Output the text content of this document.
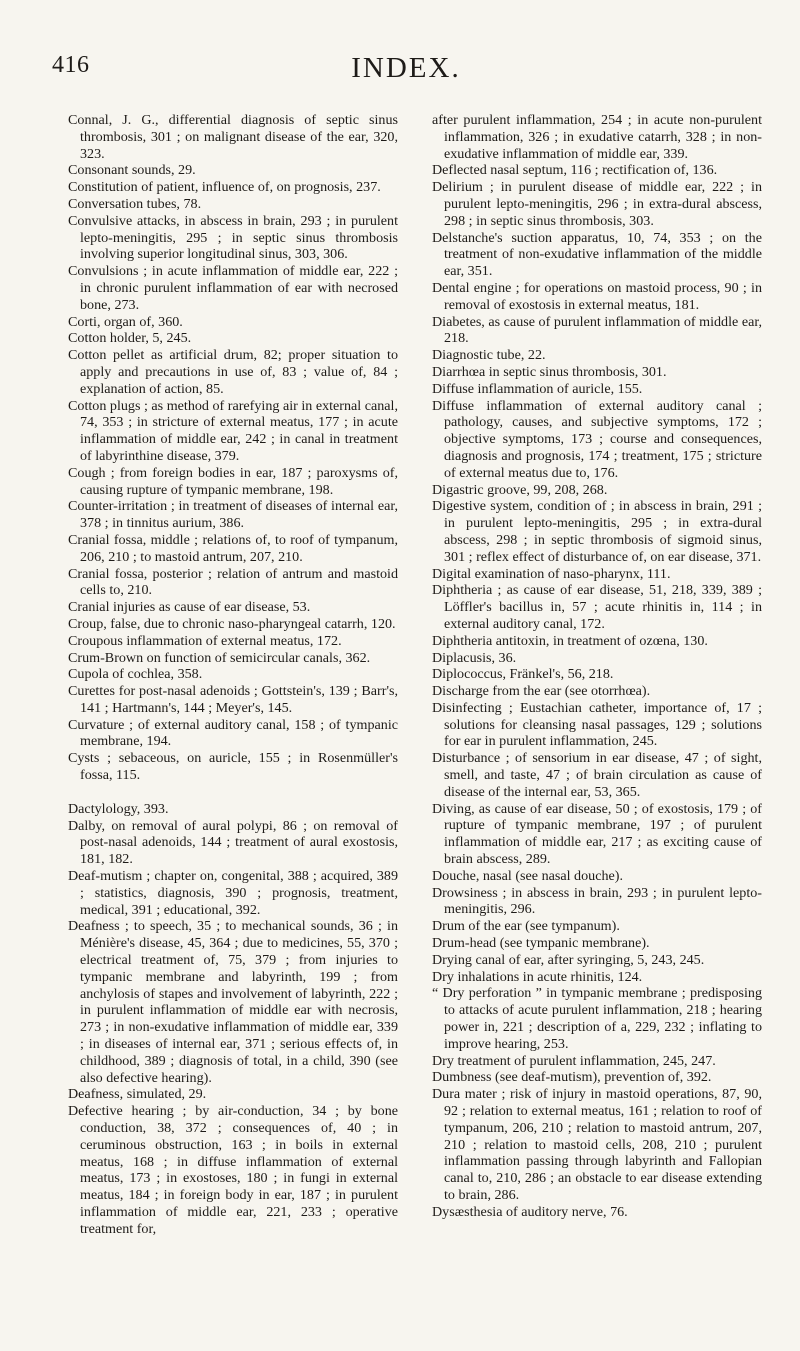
416	INDEX.

Connal, J. G., differential diagnosis of septic sinus thrombosis, 301 ; on malignant disease of the ear, 320, 323.

Consonant sounds, 29.

Constitution of patient, influence of, on prognosis, 237.

Conversation tubes, 78.

Convulsive attacks, in abscess in brain, 293 ; in purulent lepto-meningitis, 295 ; in septic sinus thrombosis involving superior longitudinal sinus, 303, 306.

Convulsions ; in acute inflammation of middle ear, 222 ; in chronic purulent inflammation of ear with necrosed bone, 273.

Corti, organ of, 360.

Cotton holder, 5, 245.

Cotton pellet as artificial drum, 82; proper situation to apply and precautions in use of, 83 ; value of, 84 ; explanation of action, 85.

Cotton plugs ; as method of rarefying air in external canal, 74, 353 ; in stricture of external meatus, 177 ; in acute inflammation of middle ear, 242 ; in canal in treatment of labyrinthine disease, 379.

Cough ; from foreign bodies in ear, 187 ; paroxysms of, causing rupture of tympanic membrane, 198.

Counter-irritation ; in treatment of diseases of internal ear, 378 ; in tinnitus aurium, 386.

Cranial fossa, middle ; relations of, to roof of tympanum, 206, 210 ; to mastoid antrum, 207, 210.

Cranial fossa, posterior ; relation of antrum and mastoid cells to, 210.

Cranial injuries as cause of ear disease, 53.

Croup, false, due to chronic naso-pharyngeal catarrh, 120.

Croupous inflammation of external meatus, 172.

Crum-Brown on function of semicircular canals, 362.

Cupola of cochlea, 358.

Curettes for post-nasal adenoids ; Gottstein's, 139 ; Barr's, 141 ; Hartmann's, 144 ; Meyer's, 145.

Curvature ; of external auditory canal, 158 ; of tympanic membrane, 194.

Cysts ; sebaceous, on auricle, 155 ; in Rosenmüller's fossa, 115.

Dactylology, 393.

Dalby, on removal of aural polypi, 86 ; on removal of post-nasal adenoids, 144 ; treatment of aural exostosis, 181, 182.

Deaf-mutism ; chapter on, congenital, 388 ; acquired, 389 ; statistics, diagnosis, 390 ; prognosis, treatment, medical, 391 ; educational, 392.

Deafness ; to speech, 35 ; to mechanical sounds, 36 ; in Ménière's disease, 45, 364 ; due to medicines, 55, 370 ; electrical treatment of, 75, 379 ; from injuries to tympanic membrane and labyrinth, 199 ; from anchylosis of stapes and involvement of labyrinth, 222 ; in purulent inflammation of middle ear with necrosis, 273 ; in non-exudative inflammation of middle ear, 339 ; in diseases of internal ear, 371 ; serious effects of, in childhood, 389 ; diagnosis of total, in a child, 390 (see also defective hearing).

Deafness, simulated, 29.

Defective hearing ; by air-conduction, 34 ; by bone conduction, 38, 372 ; consequences of, 40 ; in ceruminous obstruction, 163 ; in boils in external meatus, 168 ; in diffuse inflammation of external meatus, 173 ; in exostoses, 180 ; in fungi in external meatus, 184 ; in foreign body in ear, 187 ; in purulent inflammation of middle ear, 221, 233 ; operative treatment for,

after purulent inflammation, 254 ; in acute non-purulent inflammation, 326 ; in exudative catarrh, 328 ; in non-exudative inflammation of middle ear, 339.

Deflected nasal septum, 116 ; rectification of, 136.

Delirium ; in purulent disease of middle ear, 222 ; in purulent lepto-meningitis, 296 ; in extra-dural abscess, 298 ; in septic sinus thrombosis, 303.

Delstanche's suction apparatus, 10, 74, 353 ; on the treatment of non-exudative inflammation of the middle ear, 351.

Dental engine ; for operations on mastoid process, 90 ; in removal of exostosis in external meatus, 181.

Diabetes, as cause of purulent inflammation of middle ear, 218.

Diagnostic tube, 22.

Diarrhœa in septic sinus thrombosis, 301.

Diffuse inflammation of auricle, 155.

Diffuse inflammation of external auditory canal ; pathology, causes, and subjective symptoms, 172 ; objective symptoms, 173 ; course and consequences, diagnosis and prognosis, 174 ; treatment, 175 ; stricture of external meatus due to, 176.

Digastric groove, 99, 208, 268.

Digestive system, condition of ; in abscess in brain, 291 ; in purulent lepto-meningitis, 295 ; in extra-dural abscess, 298 ; in septic thrombosis of sigmoid sinus, 301 ; reflex effect of disturbance of, on ear disease, 371.

Digital examination of naso-pharynx, 111.

Diphtheria ; as cause of ear disease, 51, 218, 339, 389 ; Löffler's bacillus in, 57 ; acute rhinitis in, 114 ; in external auditory canal, 172.

Diphtheria antitoxin, in treatment of ozœna, 130.

Diplacusis, 36.

Diplococcus, Fränkel's, 56, 218.

Discharge from the ear (see otorrhœa).

Disinfecting ; Eustachian catheter, importance of, 17 ; solutions for cleansing nasal passages, 129 ; solutions for ear in purulent inflammation, 245.

Disturbance ; of sensorium in ear disease, 47 ; of sight, smell, and taste, 47 ; of brain circulation as cause of disease of the internal ear, 53, 365.

Diving, as cause of ear disease, 50 ; of exostosis, 179 ; of rupture of tympanic membrane, 197 ; of purulent inflammation of middle ear, 217 ; as exciting cause of brain abscess, 289.

Douche, nasal (see nasal douche).

Drowsiness ; in abscess in brain, 293 ; in purulent lepto-meningitis, 296.

Drum of the ear (see tympanum).

Drum-head (see tympanic membrane).

Drying canal of ear, after syringing, 5, 243, 245.

Dry inhalations in acute rhinitis, 124.

“ Dry perforation ” in tympanic membrane ; predisposing to attacks of acute purulent inflammation, 218 ; hearing power in, 221 ; description of a, 229, 232 ; inflating to improve hearing, 253.

Dry treatment of purulent inflammation, 245, 247.

Dumbness (see deaf-mutism), prevention of, 392.

Dura mater ; risk of injury in mastoid operations, 87, 90, 92 ; relation to external meatus, 161 ; relation to roof of tympanum, 206, 210 ; relation to mastoid antrum, 207, 210 ; relation to mastoid cells, 208, 210 ; purulent inflammation passing through labyrinth and Fallopian canal to, 210, 286 ; an obstacle to ear disease extending to brain, 286.

Dysæsthesia of auditory nerve, 76.
